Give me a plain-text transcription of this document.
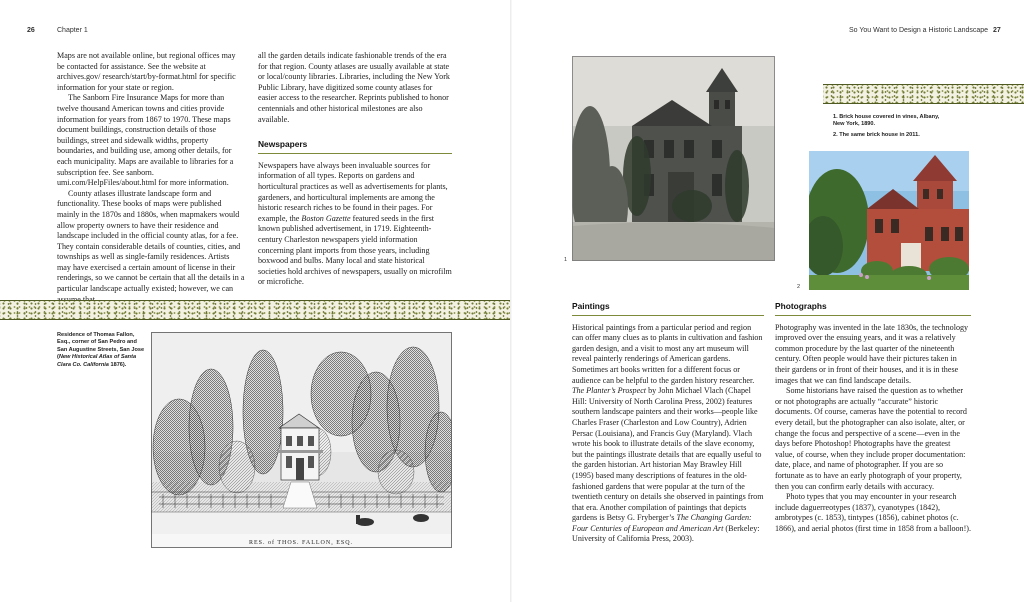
26	Chapter 1

Maps are not available online, but regional offices may be contacted for assistance. See the website at archives.gov/ research/start/by-format.html for specific information for your state or region.

The Sanborn Fire Insurance Maps for more than twelve thousand American towns and cities provide information for years from 1867 to 1970. These maps document buildings, construction details of those buildings, street and sidewalk widths, property boundaries, and building use, among other details, for each municipality. Maps are available to libraries for a subscription fee. See sanborn. umi.com/HelpFiles/about.html for more information.

County atlases illustrate landscape form and functionality. These books of maps were published mainly in the 1870s and 1880s, when mapmakers would allow property owners to have their residence and landscape included in the official county atlas, for a fee. They contain considerable details of counties, cities, and townships as well as single-family residences. Artists may have exercised a certain amount of license in their renderings, so we cannot be certain that all the details in a particular landscape actually existed; however, we can

all the garden details indicate fashionable trends of the era for that region. County atlases are usually available at state or local/county libraries. Libraries, including the New York Public Library, have digitized some county atlases for easier access to the researcher. Reprints published to honor centennials and other historical milestones are also available.

Newspapers

Newspapers have always been invaluable sources for information of all types. Reports on gardens and horticultural practices as well as advertisements for plants, gardeners, and horticultural implements are among the historic research riches to be found in their pages. For example, the Boston Gazette featured seeds in the first known published advertisement, in 1719. Eighteenth-century Charleston newspapers yield information concerning plant imports from those years, including boxwood and bulbs. Many local and state historical societies hold archives of newspapers, usually on microfilm or microfiche.

Residence of Thomas Fallon, Esq., corner of San Pedro and San Augustine Streets, San Jose (New Historical Atlas of Santa Clara Co. California 1876).
RES. of THOS. FALLON, ESQ.
So You Want to Design a Historic Landscape 27
1
1. Brick house covered in vines, Albany, New York, 1890.
2. The same brick house in 2011.
2
Paintings

Historical paintings from a particular period and region can offer many clues as to plants in cultivation and fashion garden design, and a visit to most any art museum will reveal painterly renderings of American gardens. Sometimes art books written for a different focus or audience can be helpful to the garden history researcher. The Planter’s Prospect by John Michael Vlach (Chapel Hill: University of North Carolina Press, 2002) features southern landscape painters and their works—people like Charles Fraser (Charleston and Low Country), Adrien Persac (Louisiana), and Francis Guy (Maryland). Vlach wrote his book to illustrate details of the slave economy, but the paintings illustrate details that are equally useful to the garden historian. Art historian May Brawley Hill (1995) based many descriptions of features in the old-fashioned gardens that were popular at the turn of the twentieth century on details she observed in paintings from that era. Another compilation of paintings that depicts gardens is Betsy G. Fryberger’s The Changing Garden: Four Centuries of European and American Art (Berkeley: University of California Press, 2003).

Photographs

Photography was invented in the late 1830s, the technology improved over the ensuing years, and it was a relatively common procedure by the last quarter of the nineteenth century. Often people would have their pictures taken in their gardens or in front of their houses, and it is in these images that we can find landscape details.

Some historians have raised the question as to whether or not photographs are actually “accurate” historic documents. Of course, cameras have the potential to record every detail, but the photographer can also isolate, alter, or change the focus and perspective of a scene—even in the days before Photoshop! Photographs have the greatest value, of course, when they include proper documentation: date, place, and name of photographer. If you are so fortunate as to have an early photograph of your property, then you can confirm early details with accuracy.

Photo types that you may encounter in your research include daguerreotypes (1837), cyanotypes (1842), ambrotypes (c. 1853), tintypes (1856), cabinet photos (c. 1866), and aerial photos (first time in 1858 from a balloon!).
